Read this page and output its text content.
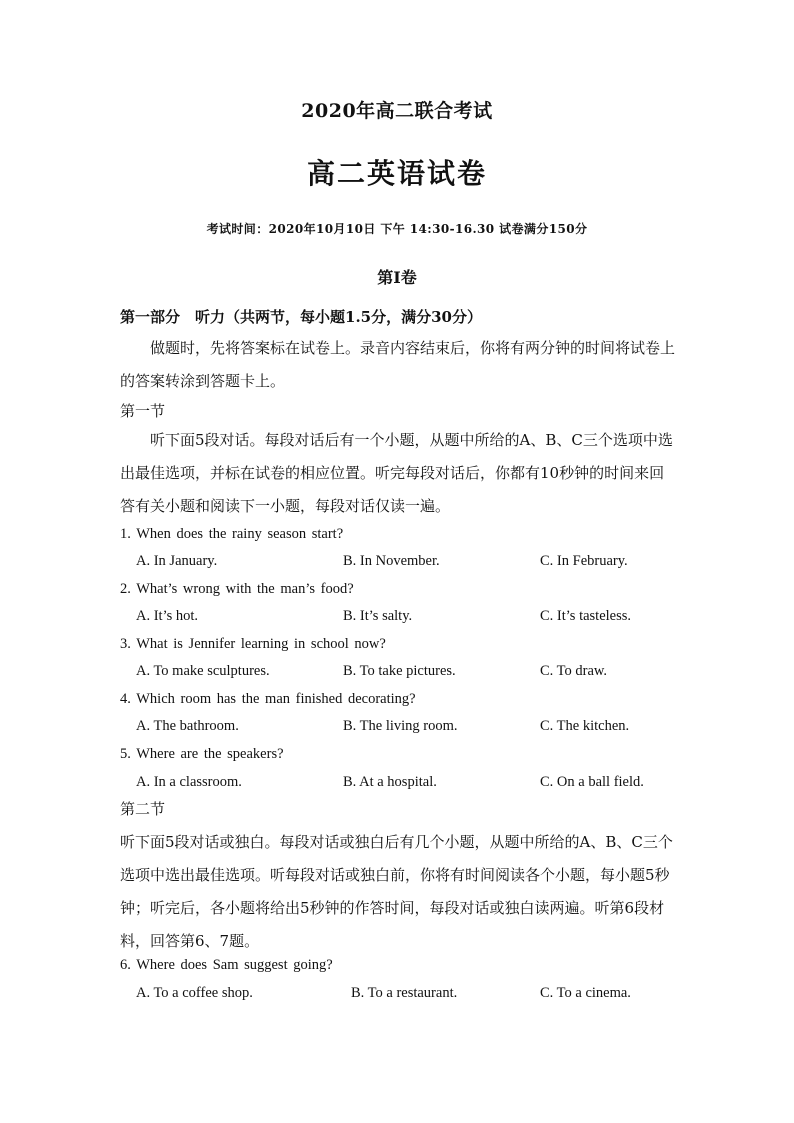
2020年高二联合考试
高二英语试卷
考试时间：2020年10月10日 下午 14:30-16.30 试卷满分150分
第I卷
第一部分　听力（共两节，每小题1.5分，满分30分）
做题时，先将答案标在试卷上。录音内容结束后，你将有两分钟的时间将试卷上的答案转涂到答题卡上。
第一节
听下面5段对话。每段对话后有一个小题，从题中所给的A、B、C三个选项中选出最佳选项，并标在试卷的相应位置。听完每段对话后，你都有10秒钟的时间来回答有关小题和阅读下一小题，每段对话仅读一遍。
1. When does the rainy season start?
A. In January.	B. In November.	C. In February.
2. What’s wrong with the man’s food?
A. It’s hot.	B. It’s salty.	C. It’s tasteless.
3. What is Jennifer learning in school now?
A. To make sculptures.	B. To take pictures.	C. To draw.
4. Which room has the man finished decorating?
A. The bathroom.	B. The living room.	C. The kitchen.
5. Where are the speakers?
A. In a classroom.	B. At a hospital.	C. On a ball field.
第二节
听下面5段对话或独白。每段对话或独白后有几个小题，从题中所给的A、B、C三个选项中选出最佳选项。听每段对话或独白前，你将有时间阅读各个小题，每小题5秒钟；听完后，各小题将给出5秒钟的作答时间，每段对话或独白读两遍。听第6段材料，回答第6、7题。
6. Where does Sam suggest going?
A. To a coffee shop.	B. To a restaurant.	C. To a cinema.
